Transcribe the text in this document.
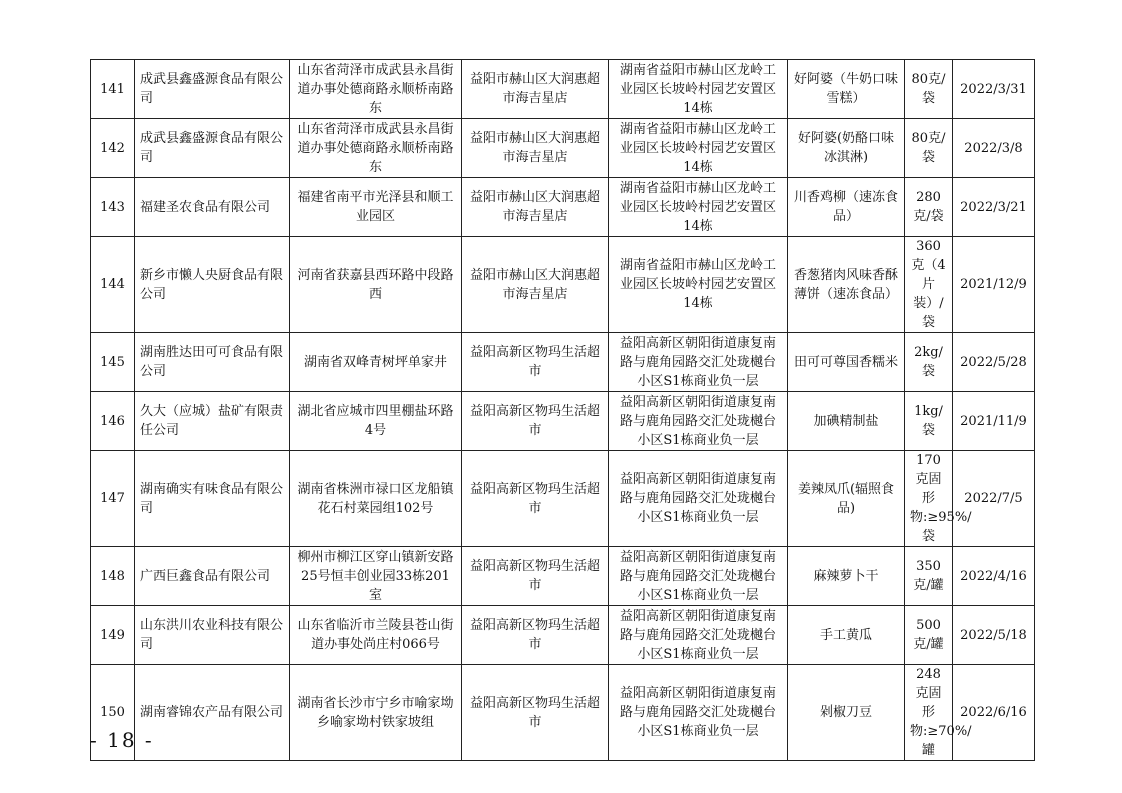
141	成武县鑫盛源食品有限公司	山东省菏泽市成武县永昌街道办事处德商路永顺桥南路东	益阳市赫山区大润惠超市海吉星店	湖南省益阳市赫山区龙岭工业园区长坡岭村园艺安置区14栋	好阿婆（牛奶口味雪糕）	80克/袋	2022/3/31
142	成武县鑫盛源食品有限公司	山东省菏泽市成武县永昌街道办事处德商路永顺桥南路东	益阳市赫山区大润惠超市海吉星店	湖南省益阳市赫山区龙岭工业园区长坡岭村园艺安置区14栋	好阿婆(奶酪口味冰淇淋)	80克/袋	2022/3/8
143	福建圣农食品有限公司	福建省南平市光泽县和顺工业园区	益阳市赫山区大润惠超市海吉星店	湖南省益阳市赫山区龙岭工业园区长坡岭村园艺安置区14栋	川香鸡柳（速冻食品）	280克/袋	2022/3/21
144	新乡市懒人央厨食品有限公司	河南省获嘉县西环路中段路西	益阳市赫山区大润惠超市海吉星店	湖南省益阳市赫山区龙岭工业园区长坡岭村园艺安置区14栋	香葱猪肉风味香酥薄饼（速冻食品）	360克（4片装）/袋	2021/12/9
145	湖南胜达田可可食品有限公司	湖南省双峰青树坪单家井	益阳高新区物玛生活超市	益阳高新区朝阳街道康复南路与鹿角园路交汇处珑樾台小区S1栋商业负一层	田可可尊国香糯米	2kg/袋	2022/5/28
146	久大（应城）盐矿有限责任公司	湖北省应城市四里棚盐环路4号	益阳高新区物玛生活超市	益阳高新区朝阳街道康复南路与鹿角园路交汇处珑樾台小区S1栋商业负一层	加碘精制盐	1kg/袋	2021/11/9
147	湖南确实有味食品有限公司	湖南省株洲市禄口区龙船镇花石村菜园组102号	益阳高新区物玛生活超市	益阳高新区朝阳街道康复南路与鹿角园路交汇处珑樾台小区S1栋商业负一层	姜辣凤爪(辐照食品)	170克固形物:≥95%/袋	2022/7/5
148	广西巨鑫食品有限公司	柳州市柳江区穿山镇新安路25号恒丰创业园33栋201室	益阳高新区物玛生活超市	益阳高新区朝阳街道康复南路与鹿角园路交汇处珑樾台小区S1栋商业负一层	麻辣萝卜干	350克/罐	2022/4/16
149	山东洪川农业科技有限公司	山东省临沂市兰陵县苍山街道办事处尚庄村066号	益阳高新区物玛生活超市	益阳高新区朝阳街道康复南路与鹿角园路交汇处珑樾台小区S1栋商业负一层	手工黄瓜	500克/罐	2022/5/18
150	湖南睿锦农产品有限公司	湖南省长沙市宁乡市喻家坳乡喻家坳村铁家坡组	益阳高新区物玛生活超市	益阳高新区朝阳街道康复南路与鹿角园路交汇处珑樾台小区S1栋商业负一层	剁椒刀豆	248克固形物:≥70%/罐	2022/6/16
- 18 -
